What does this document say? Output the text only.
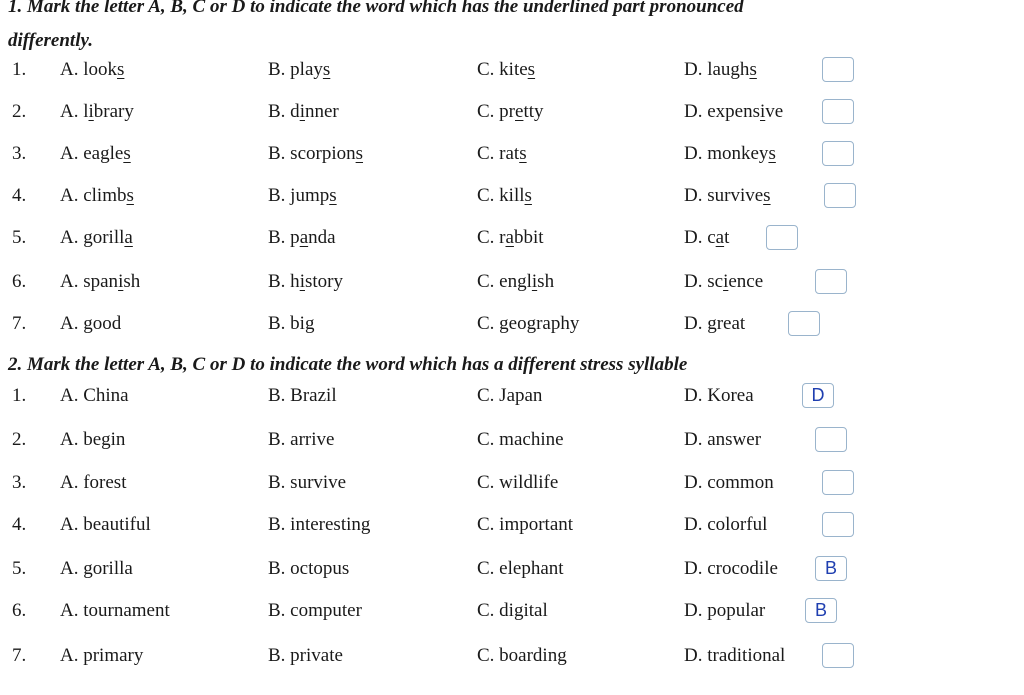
1. Mark the letter A, B, C or D to indicate the word which has the underlined part pronounced
differently.
1. A. looks	B. plays	C. kites	D. laughs
2. A. library	B. dinner	C. pretty	D. expensive
3. A. eagles	B. scorpions	C. rats	D. monkeys
4. A. climbs	B. jumps	C. kills	D. survives
5. A. gorilla	B. panda	C. rabbit	D. cat
6. A. spanish	B. history	C. english	D. science
7. A. good	B. big	C. geography	D. great
2. Mark the letter A, B, C or D to indicate the word which has a different stress syllable
1. A. China	B. Brazil	C. Japan	D. Korea	D
2. A. begin	B. arrive	C. machine	D. answer
3. A. forest	B. survive	C. wildlife	D. common
4. A. beautiful	B. interesting	C. important	D. colorful
5. A. gorilla	B. octopus	C. elephant	D. crocodile	B
6. A. tournament	B. computer	C. digital	D. popular	B
7. A. primary	B. private	C. boarding	D. traditional
